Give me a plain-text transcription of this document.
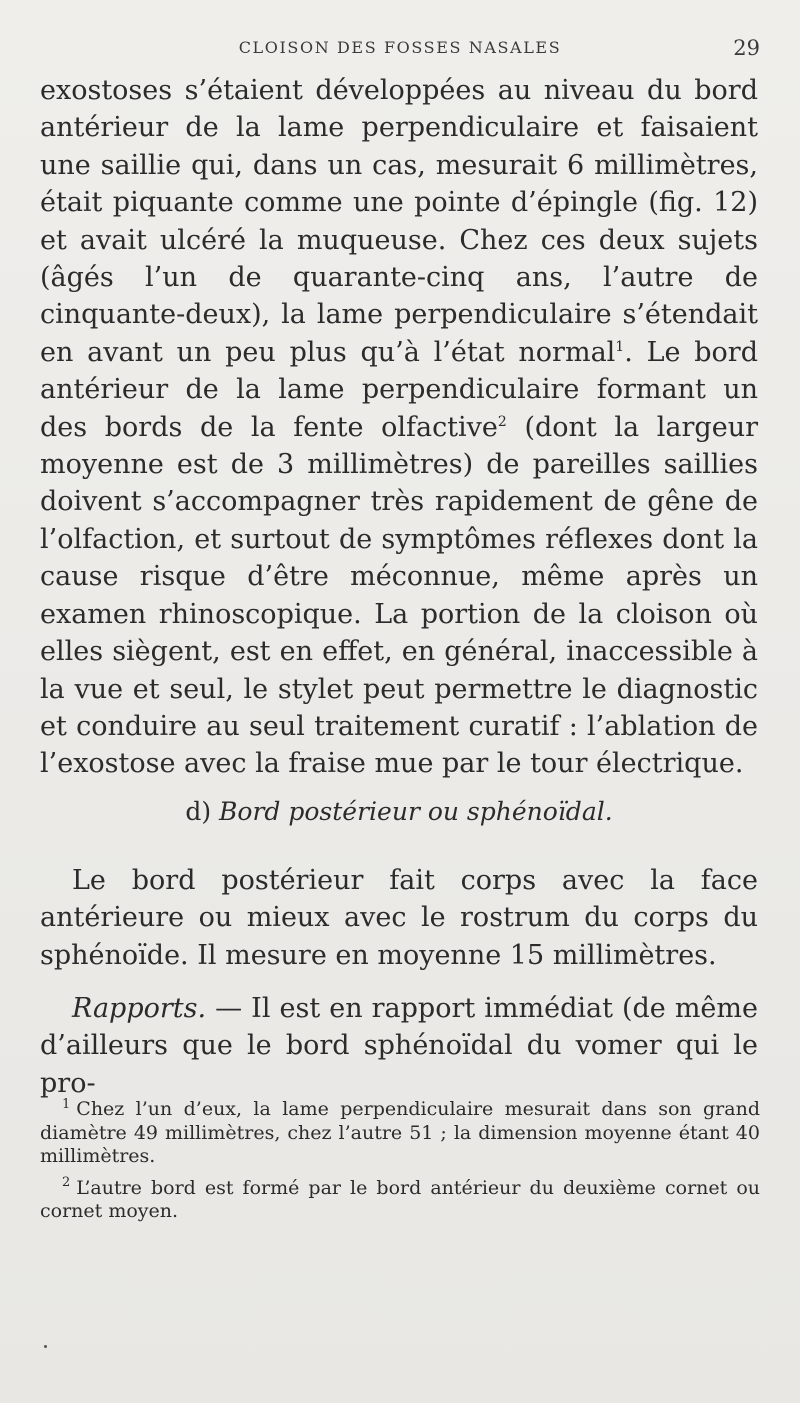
CLOISON DES FOSSES NASALES	29

exostoses s’étaient développées au niveau du bord antérieur de la lame perpendiculaire et faisaient une saillie qui, dans un cas, mesurait 6 millimètres, était piquante comme une pointe d’épingle (fig. 12) et avait ulcéré la muqueuse. Chez ces deux sujets (âgés l’un de quarante-cinq ans, l’autre de cinquante-deux), la lame perpendiculaire s’étendait en avant un peu plus qu’à l’état normal$^1$. Le bord antérieur de la lame perpendiculaire formant un des bords de la fente olfactive$^2$ (dont la largeur moyenne est de 3 millimètres) de pareilles saillies doivent s’accompagner très rapidement de gêne de l’olfaction, et surtout de symptômes réflexes dont la cause risque d’être méconnue, même après un examen rhinoscopique. La portion de la cloison où elles siègent, est en effet, en général, inaccessible à la vue et seul, le stylet peut permettre le diagnostic et conduire au seul traitement curatif : l’ablation de l’exostose avec la fraise mue par le tour électrique.

d) Bord postérieur ou sphénoïdal.
Le bord postérieur fait corps avec la face antérieure ou mieux avec le rostrum du corps du sphénoïde. Il mesure en moyenne 15 millimètres.
Rapports. — Il est en rapport immédiat (de même d’ailleurs que le bord sphénoïdal du vomer qui le pro-

$^1$ Chez l’un d’eux, la lame perpendiculaire mesurait dans son grand diamètre 49 millimètres, chez l’autre 51 ; la dimension moyenne étant 40 millimètres.

$^2$ L’autre bord est formé par le bord antérieur du deuxième cornet ou cornet moyen.
